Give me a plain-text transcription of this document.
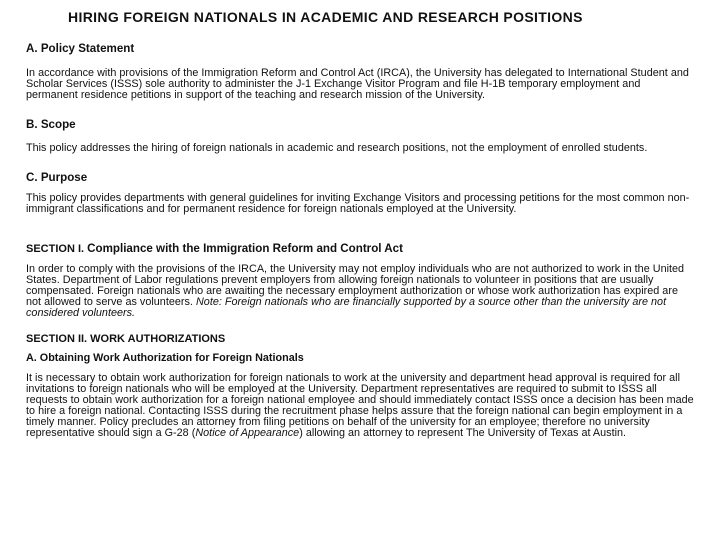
HIRING FOREIGN NATIONALS IN ACADEMIC AND RESEARCH POSITIONS
A. Policy Statement

In accordance with provisions of the Immigration Reform and Control Act (IRCA), the University has delegated to International Student and Scholar Services (ISSS) sole authority to administer the J-1 Exchange Visitor Program and file H-1B temporary employment and permanent residence petitions in support of the teaching and research mission of the University.

B. Scope

This policy addresses the hiring of foreign nationals in academic and research positions, not the employment of enrolled students.

C. Purpose

This policy provides departments with general guidelines for inviting Exchange Visitors and processing petitions for the most common non-immigrant classifications and for permanent residence for foreign nationals employed at the University.

SECTION I. Compliance with the Immigration Reform and Control Act

In order to comply with the provisions of the IRCA, the University may not employ individuals who are not authorized to work in the United States. Department of Labor regulations prevent employers from allowing foreign nationals to volunteer in positions that are usually compensated. Foreign nationals who are awaiting the necessary employment authorization or whose work authorization has expired are not allowed to serve as volunteers. Note: Foreign nationals who are financially supported by a source other than the university are not considered volunteers.

SECTION II. WORK AUTHORIZATIONS
A. Obtaining Work Authorization for Foreign Nationals

It is necessary to obtain work authorization for foreign nationals to work at the university and department head approval is required for all invitations to foreign nationals who will be employed at the University. Department representatives are required to submit to ISSS all requests to obtain work authorization for a foreign national employee and should immediately contact ISSS once a decision has been made to hire a foreign national. Contacting ISSS during the recruitment phase helps assure that the foreign national can begin employment in a timely manner. Policy precludes an attorney from filing petitions on behalf of the university for an employee; therefore no university representative should sign a G-28 (Notice of Appearance) allowing an attorney to represent The University of Texas at Austin.
